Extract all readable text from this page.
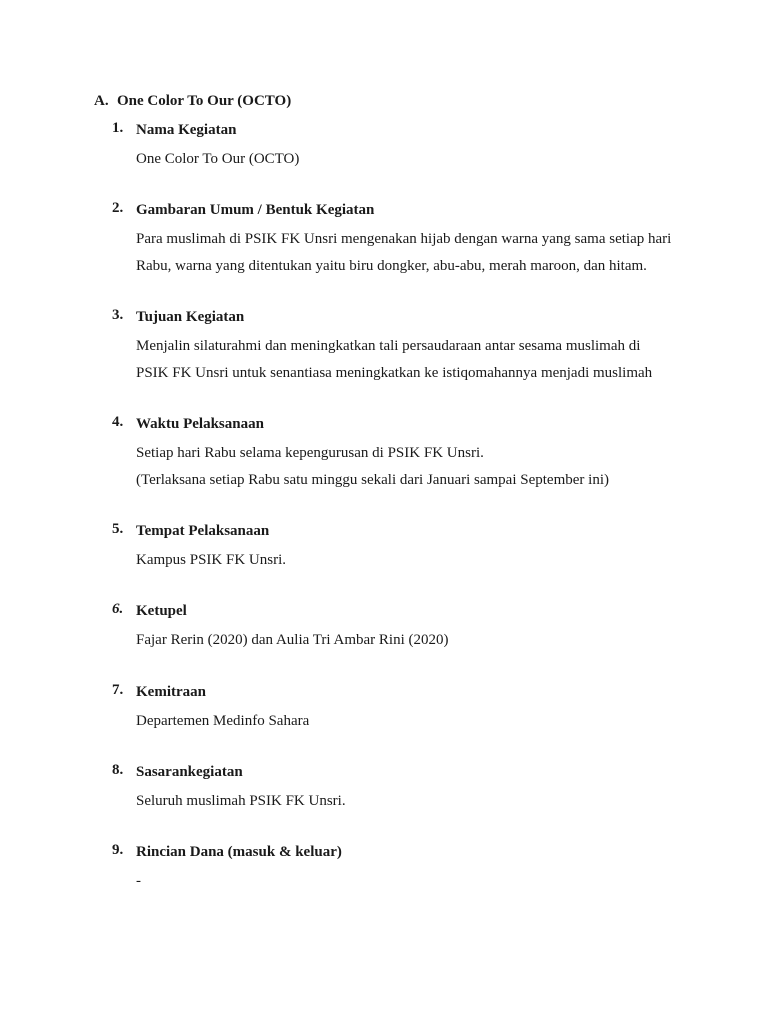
A. One Color To Our (OCTO)
1. Nama Kegiatan

One Color To Our (OCTO)

2. Gambaran Umum / Bentuk Kegiatan

Para muslimah di PSIK FK Unsri mengenakan hijab dengan warna yang sama setiap hari

Rabu, warna yang ditentukan yaitu biru dongker, abu-abu, merah maroon, dan hitam.

3. Tujuan Kegiatan

Menjalin silaturahmi dan meningkatkan tali persaudaraan antar sesama muslimah di

PSIK FK Unsri untuk senantiasa meningkatkan ke istiqomahannya menjadi muslimah

4. Waktu Pelaksanaan

Setiap hari Rabu selama kepengurusan di PSIK FK Unsri.

(Terlaksana setiap Rabu satu minggu sekali dari Januari sampai September ini)

5. Tempat Pelaksanaan

Kampus PSIK FK Unsri.

6. Ketupel

Fajar Rerin (2020) dan Aulia Tri Ambar Rini (2020)

7. Kemitraan

Departemen Medinfo Sahara

8. Sasarankegiatan

Seluruh muslimah PSIK FK Unsri.

9. Rincian Dana (masuk & keluar)

-
